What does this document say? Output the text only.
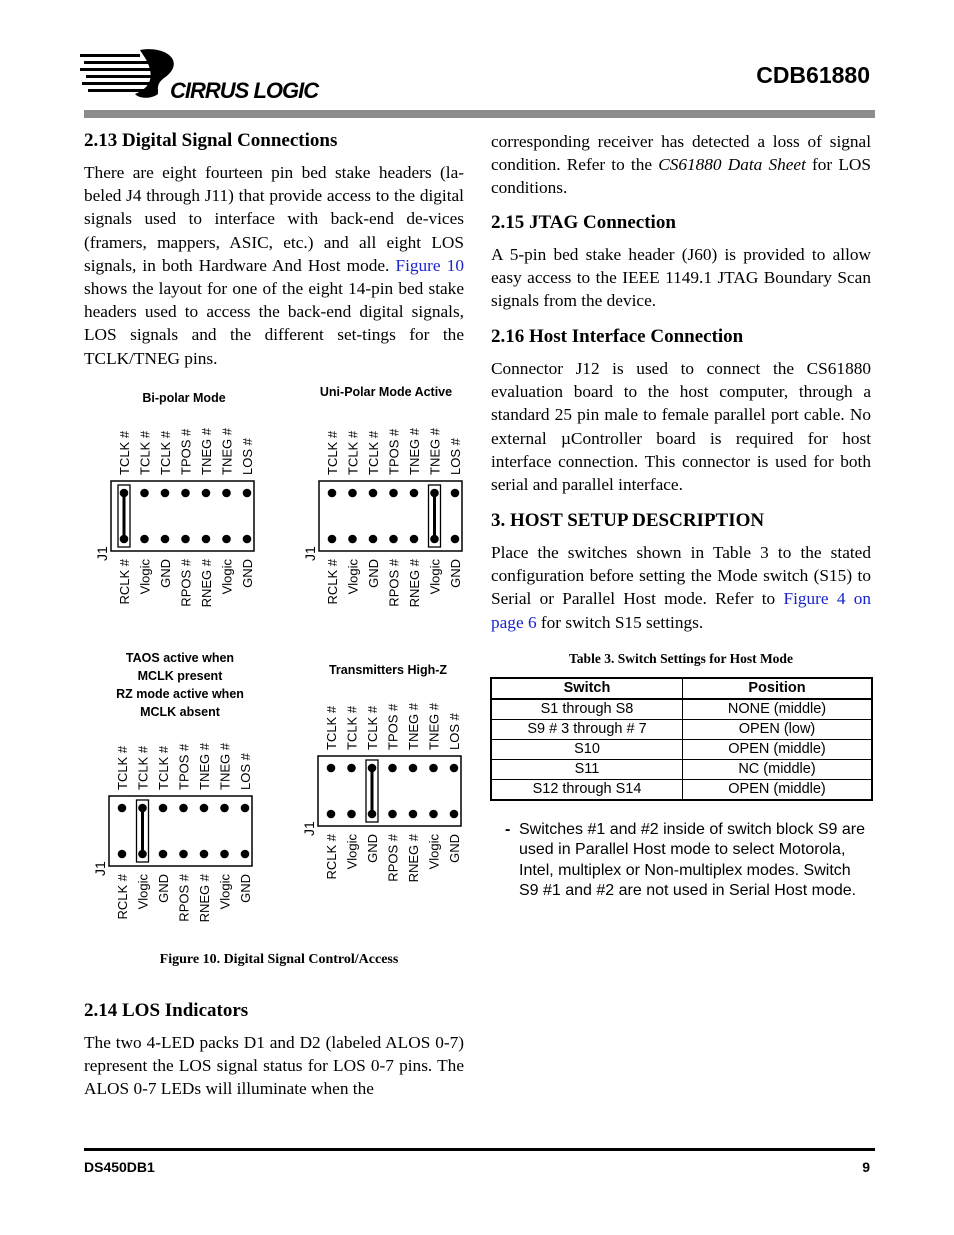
CIRRUS LOGIC
CDB61880
2.13 Digital Signal Connections

There are eight fourteen pin bed stake headers (la-beled J4 through J11) that provide access to the digital signals used to interface with back-end de-vices (framers, mappers, ASIC, etc.) and all eight LOS signals, in both Hardware And Host mode. Figure 10 shows the layout for one of the eight 14-pin bed stake headers used to access the back-end digital signals, LOS signals and the different set-tings for the TCLK/TNEG pins.

Bi-polar Mode	Uni-Polar Mode Active
TAOS active when
MCLK present
RZ mode active when
MCLK absent
Transmitters High-Z
TCLK # TCLK # TCLK # TPOS # TNEG # TNEG # LOS #
RCLK # Vlogic GND RPOS # RNEG # Vlogic GND
J1
TCLK # TCLK # TCLK # TPOS # TNEG # TNEG # LOS #
RCLK # Vlogic GND RPOS # RNEG # Vlogic GND
J1
TCLK # TCLK # TCLK # TPOS # TNEG # TNEG # LOS #
RCLK # Vlogic GND RPOS # RNEG # Vlogic GND
J1
TCLK # TCLK # TCLK # TPOS # TNEG # TNEG # LOS #
RCLK # Vlogic GND RPOS # RNEG # Vlogic GND
J1
Figure 10. Digital Signal Control/Access
2.14 LOS Indicators

The two 4-LED packs D1 and D2 (labeled ALOS 0-7) represent the LOS signal status for LOS 0-7 pins. The ALOS 0-7 LEDs will illuminate when the

corresponding receiver has detected a loss of signal condition. Refer to the CS61880 Data Sheet for LOS conditions.

2.15 JTAG Connection

A 5-pin bed stake header (J60) is provided to allow easy access to the IEEE 1149.1 JTAG Boundary Scan signals from the device.

2.16 Host Interface Connection

Connector J12 is used to connect the CS61880 evaluation board to the host computer, through a standard 25 pin male to female parallel port cable. No external µController board is required for host interface connection. This connector is used for both serial and parallel interface.

3. HOST SETUP DESCRIPTION

Place the switches shown in Table 3 to the stated configuration before setting the Mode switch (S15) to Serial or Parallel Host mode. Refer to Figure 4 on page 6 for switch S15 settings.

Table 3. Switch Settings for Host Mode
Switch	Position
S1 through S8	NONE (middle)
S9 # 3 through # 7	OPEN (low)
S10	OPEN (middle)
S11	NC (middle)
S12 through S14	OPEN (middle)
- Switches #1 and #2 inside of switch block S9 are used in Parallel Host mode to select Motorola, Intel, multiplex or Non-multiplex modes. Switch S9 #1 and #2 are not used in Serial Host mode.
DS450DB1	9
